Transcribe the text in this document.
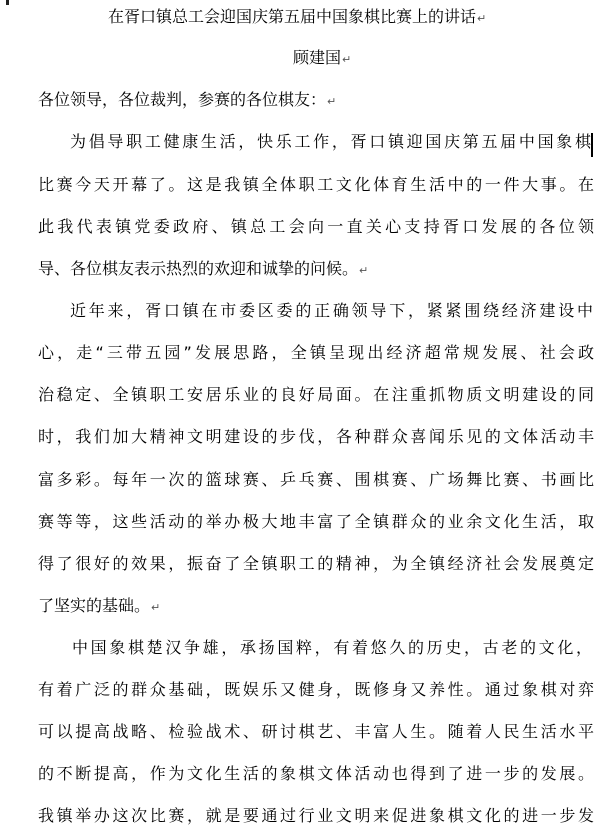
在胥口镇总工会迎国庆第五届中国象棋比赛上的讲话↵
顾建国↵
各位领导，各位裁判，参赛的各位棋友：↵
为倡导职工健康生活，快乐工作，胥口镇迎国庆第五届中国象棋
比赛今天开幕了。这是我镇全体职工文化体育生活中的一件大事。在
此我代表镇党委政府、镇总工会向一直关心支持胥口发展的各位领
导、各位棋友表示热烈的欢迎和诚挚的问候。↵
近年来，胥口镇在市委区委的正确领导下，紧紧围绕经济建设中
心，走“三带五园”发展思路，全镇呈现出经济超常规发展、社会政
治稳定、全镇职工安居乐业的良好局面。在注重抓物质文明建设的同
时，我们加大精神文明建设的步伐，各种群众喜闻乐见的文体活动丰
富多彩。每年一次的篮球赛、乒乓赛、围棋赛、广场舞比赛、书画比
赛等等，这些活动的举办极大地丰富了全镇群众的业余文化生活，取
得了很好的效果，振奋了全镇职工的精神，为全镇经济社会发展奠定
了坚实的基础。↵
中国象棋楚汉争雄，承扬国粹，有着悠久的历史，古老的文化，
有着广泛的群众基础，既娱乐又健身，既修身又养性。通过象棋对弈
可以提高战略、检验战术、研讨棋艺、丰富人生。随着人民生活水平
的不断提高，作为文化生活的象棋文体活动也得到了进一步的发展。
我镇举办这次比赛，就是要通过行业文明来促进象棋文化的进一步发
